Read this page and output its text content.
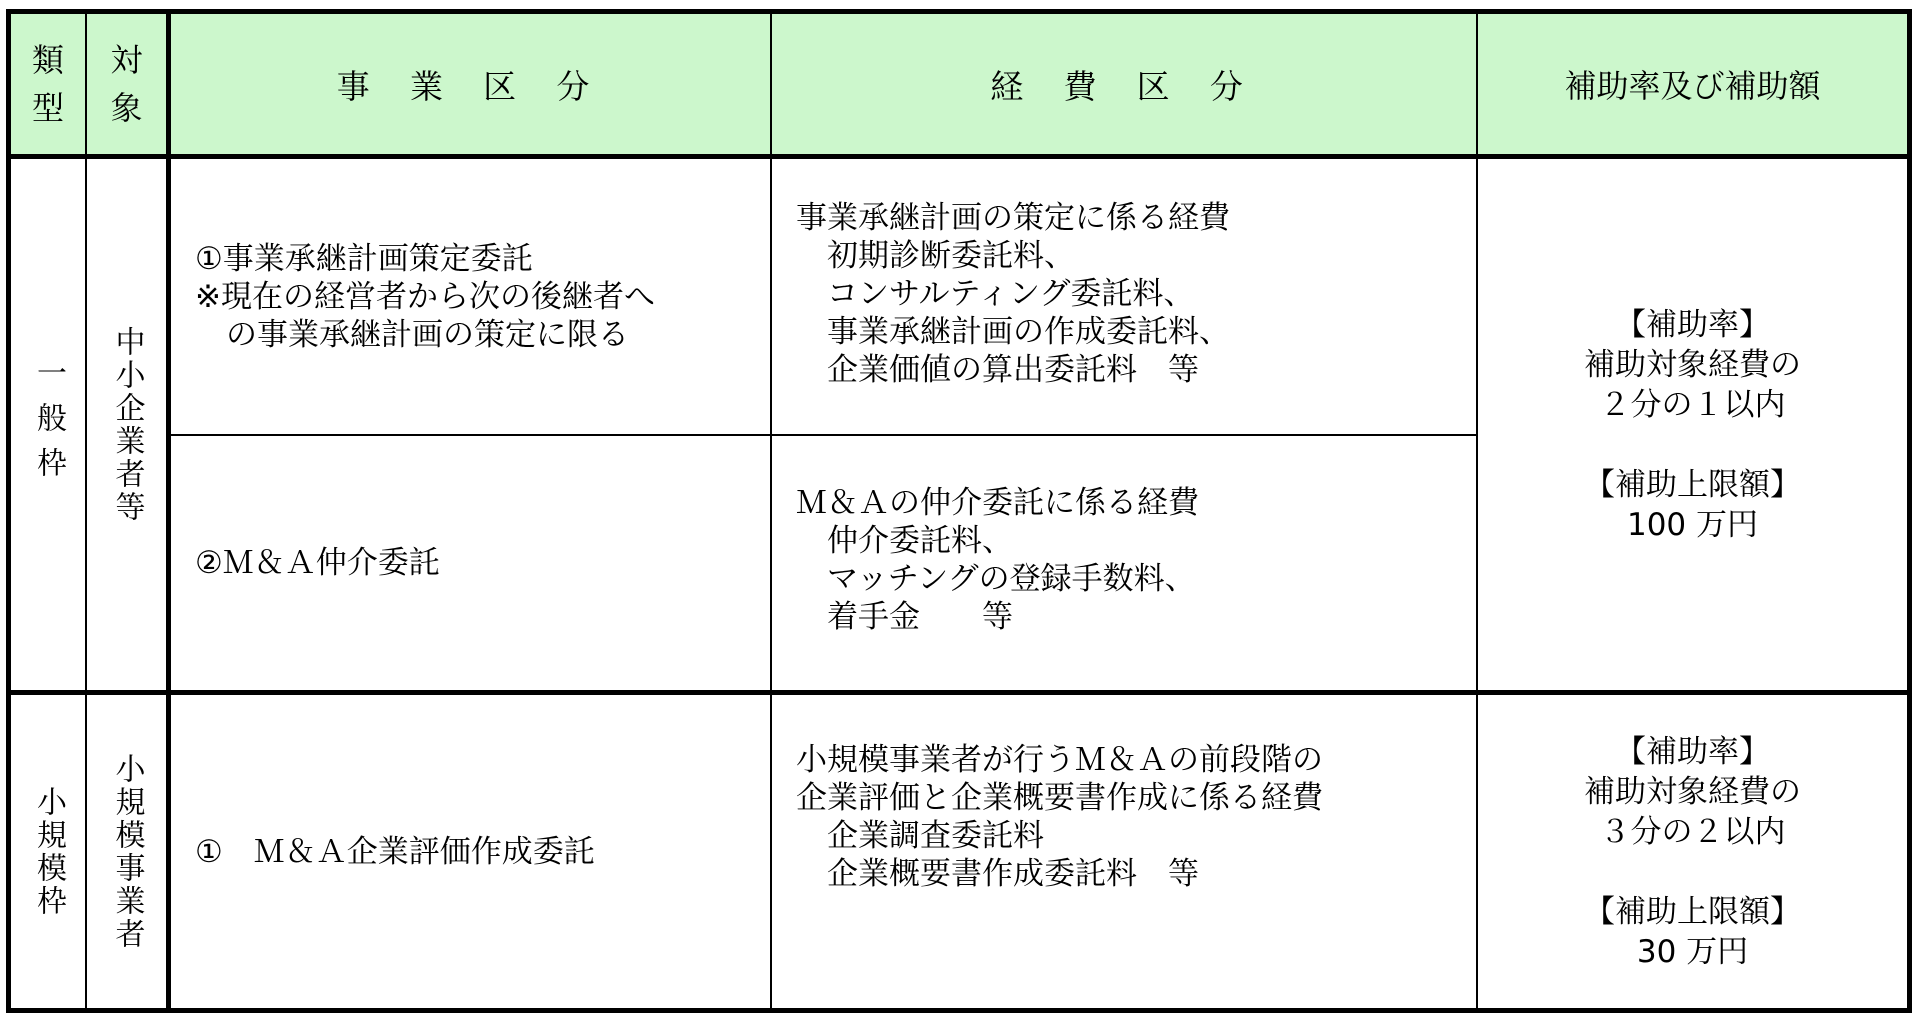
類
型
対
象
事 業 区 分	経 費 区 分	補助率及び補助額
一般枠 中小企業者等
①事業承継計画策定委託
※現在の経営者から次の後継者へ
　の事業承継計画の策定に限る
事業承継計画の策定に係る経費
　初期診断委託料、
　コンサルティング委託料、
　事業承継計画の作成委託料、
　企業価値の算出委託料　等
②Ｍ＆Ａ仲介委託
Ｍ＆Ａの仲介委託に係る経費
　仲介委託料、
　マッチングの登録手数料、
　着手金　　等
【補助率】
補助対象経費の
２分の１以内

【補助上限額】
100 万円
小規模枠 小規模事業者 ①　Ｍ＆Ａ企業評価作成委託
小規模事業者が行うＭ＆Ａの前段階の
企業評価と企業概要書作成に係る経費
　企業調査委託料
　企業概要書作成委託料　等
【補助率】
補助対象経費の
３分の２以内

【補助上限額】
30 万円
